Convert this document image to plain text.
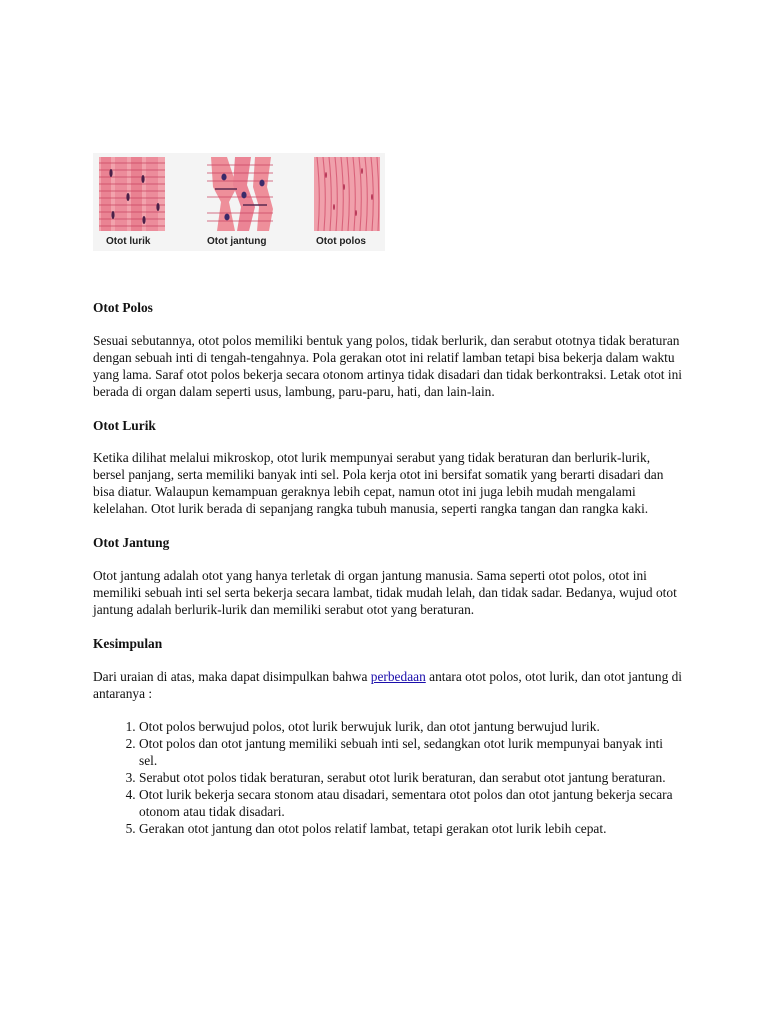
Otot lurik	Otot jantung	Otot polos
Otot Polos

Sesuai sebutannya, otot polos memiliki bentuk yang polos, tidak berlurik, dan serabut ototnya tidak beraturan dengan sebuah inti di tengah-tengahnya. Pola gerakan otot ini relatif lamban tetapi bisa bekerja dalam waktu yang lama. Saraf otot polos bekerja secara otonom artinya tidak disadari dan tidak berkontraksi. Letak otot ini berada di organ dalam seperti usus, lambung, paru-paru, hati, dan lain-lain.

Otot Lurik

Ketika dilihat melalui mikroskop, otot lurik mempunyai serabut yang tidak beraturan dan berlurik-lurik, bersel panjang, serta memiliki banyak inti sel. Pola kerja otot ini bersifat somatik yang berarti disadari dan bisa diatur. Walaupun kemampuan geraknya lebih cepat, namun otot ini juga lebih mudah mengalami kelelahan. Otot lurik berada di sepanjang rangka tubuh manusia, seperti rangka tangan dan rangka kaki.

Otot Jantung

Otot jantung adalah otot yang hanya terletak di organ jantung manusia. Sama seperti otot polos, otot ini memiliki sebuah inti sel serta bekerja secara lambat, tidak mudah lelah, dan tidak sadar. Bedanya, wujud otot jantung adalah berlurik-lurik dan memiliki serabut otot yang beraturan.

Kesimpulan

Dari uraian di atas, maka dapat disimpulkan bahwa perbedaan antara otot polos, otot lurik, dan otot jantung di antaranya :

1. Otot polos berwujud polos, otot lurik berwujuk lurik, dan otot jantung berwujud lurik.
2. Otot polos dan otot jantung memiliki sebuah inti sel, sedangkan otot lurik mempunyai banyak inti sel.
3. Serabut otot polos tidak beraturan, serabut otot lurik beraturan, dan serabut otot jantung beraturan.
4. Otot lurik bekerja secara stonom atau disadari, sementara otot polos dan otot jantung bekerja secara otonom atau tidak disadari.
5. Gerakan otot jantung dan otot polos relatif lambat, tetapi gerakan otot lurik lebih cepat.
